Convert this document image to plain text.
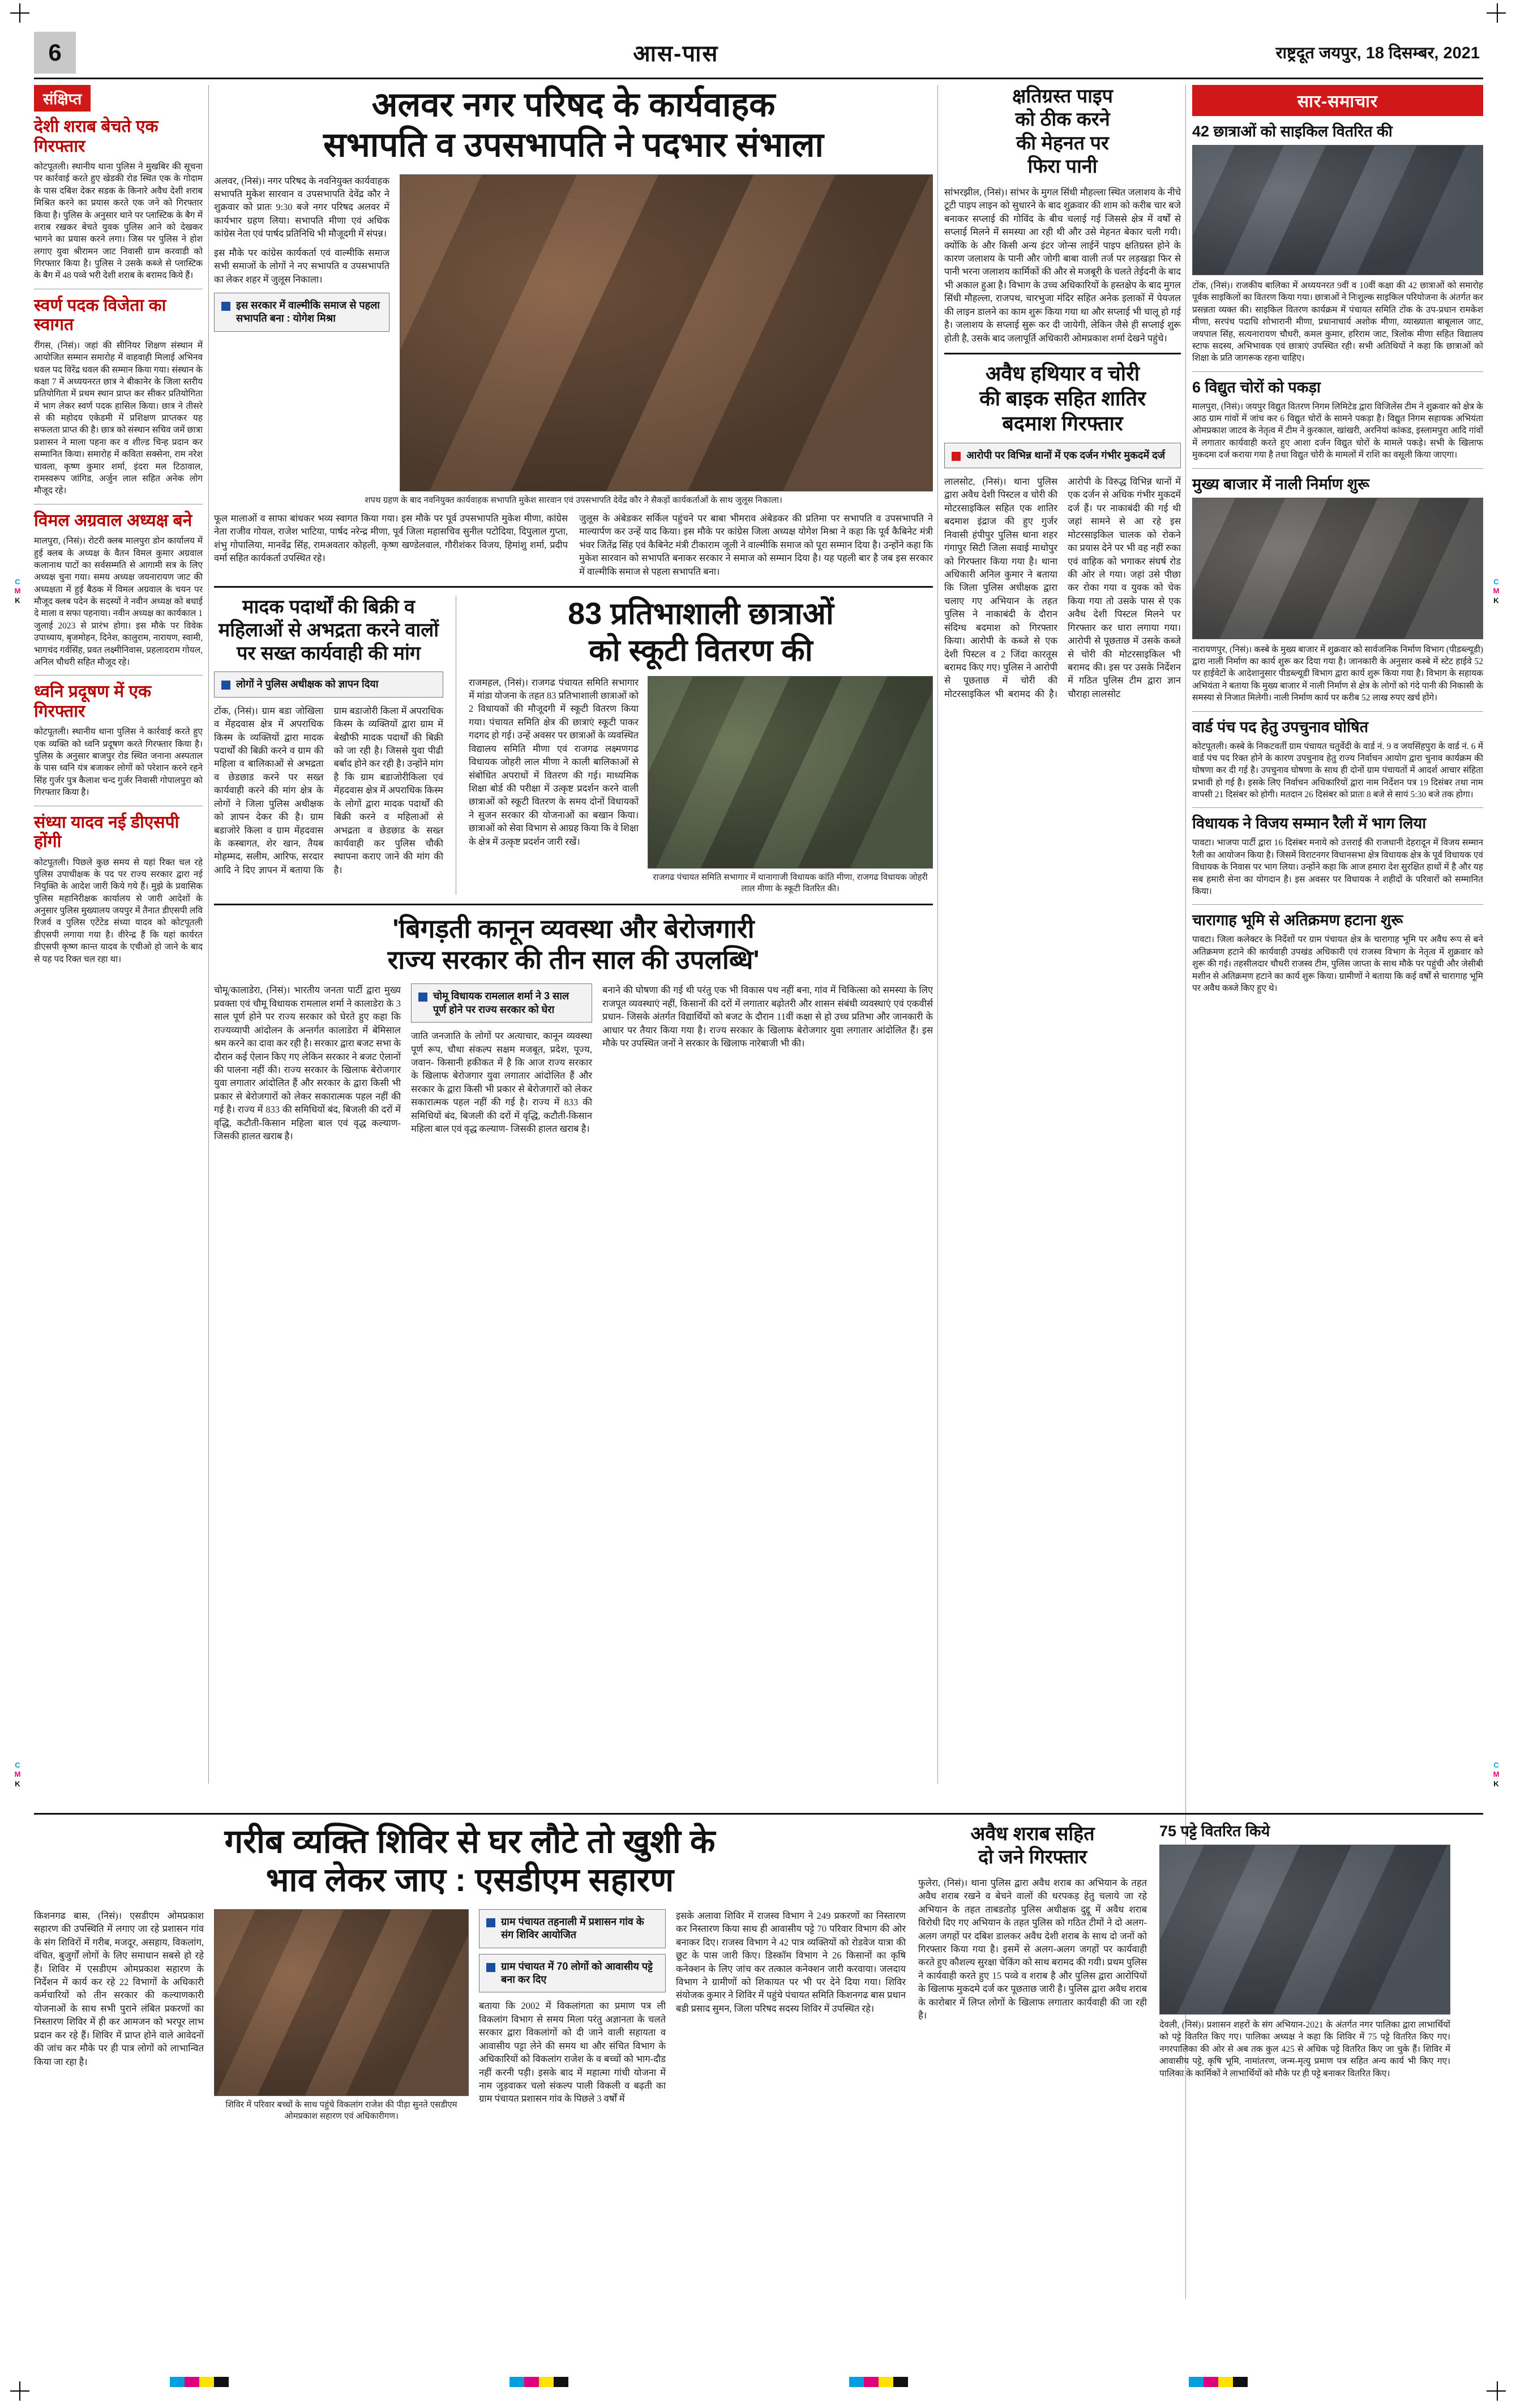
C
M
K
C
M
K
C
M
K
C
M
K
6	आस-पास	राष्ट्रदूत जयपुर, 18 दिसम्बर, 2021
संक्षिप्त
देशी शराब बेचते एक गिरफ्तार
कोटपूतली। स्थानीय थाना पुलिस ने मुखबिर की सूचना पर कार्रवाई करते हुए खेडकी रोड स्थित एक के गोदाम के पास दबिश देकर सडक के किनारे अवैध देशी शराब मिश्रित करने का प्रयास करते एक जने को गिरफ्तार किया है। पुलिस के अनुसार थाने पर प्लास्टिक के बैग में शराब रखकर बेचते युवक पुलिस आने को देखकर भागने का प्रयास करने लगा। जिस पर पुलिस ने होश लगाए युवा श्रीरामन जाट निवासी ग्राम करवाडी को गिरफ्तार किया है। पुलिस ने उसके कब्जे से प्लास्टिक के बैग में 48 पव्वे भरी देशी शराब के बरामद किये हैं।
स्वर्ण पदक विजेता का स्वागत
रींगस, (निसं)। जहां की सीनियर शिक्षण संस्थान में आयोजित सम्मान समारोह में वाहवाही मिलाई अभिनव धवल पद विरेंद्र धवल की सम्मान किया गया। संस्थान के कक्षा 7 में अध्ययनरत छात्र ने बीकानेर के जिला स्तरीय प्रतियोगिता में प्रथम स्थान प्राप्त कर सीकर प्रतियोगिता में भाग लेकर स्वर्ण पदक हासिल किया। छात्र ने तीसरे से की महोदय एकेडमी में प्रशिक्षण प्राप्तकर यह सफलता प्राप्त की है। छात्र को संस्थान सचिव जमें छात्रा प्रशासन ने माला पहना कर व शील्ड चिन्ह प्रदान कर सम्मानित किया। समारोह में कविता सक्सेना, राम नरेश चावला, कृष्ण कुमार शर्मा, इंदरा मल टिठावाल, रामस्वरूप जांगिड, अर्जुन लाल सहित अनेक लोग मौजूद रहे।
विमल अग्रवाल अध्यक्ष बने
मालपुरा, (निसं)। रोटरी क्लब मालपुरा डोन कार्यालय में हुई क्लब के अध्यक्ष के वैतन विमल कुमार अग्रवाल कलानाथ पाटों का सर्वसम्मति से आगामी सत्र के लिए अध्यक्ष चुना गया। समय अध्यक्ष जयनारायण जाट की अध्यक्षता में हुई बैठक में विमल अग्रवाल के चयन पर मौजूद क्लब पदेन के सदस्यों ने नवीन अध्यक्ष को बधाई दे माला व सफा पहनाया। नवीन अध्यक्ष का कार्यकाल 1 जुलाई 2023 से प्रारंभ होगा। इस मौके पर विवेक उपाध्याय, बृजमोहन, दिनेश, कालुराम, नारायण, स्वामी, भागचंद गर्वसिंह, प्रवत लक्ष्मीनिवास, प्रहलादराम गोयल, अनिल चौधरी सहित मौजूद रहे।
ध्वनि प्रदूषण में एक गिरफ्तार
कोटपूतली। स्थानीय थाना पुलिस ने कार्रवाई करते हुए एक व्यक्ति को ध्वनि प्रदूषण करते गिरफ्तार किया है। पुलिस के अनुसार बाजपुर रोड स्थित जनाना अस्पताल के पास ध्वनि यंत्र बजाकर लोगों को परेशान करने रहने सिंह गुर्जर पुत्र कैलाश चन्द गुर्जर निवासी गोपालपुरा को गिरफ्तार किया है।
संध्या यादव नई डीएसपी होंगी
कोटपूतली। पिछले कुछ समय से यहां रिक्त चल रहे पुलिस उपाधीक्षक के पद पर राज्य सरकार द्वारा नई नियुक्ति के आदेश जारी किये गये हैं। मुझे के प्रवासिक पुलिस महानिरीक्षक कार्यालय से जारी आदेशों के अनुसार पुलिस मुख्यालय जयपुर में तैनात डीएसपी लवि रिजर्व व पुलिस एटेंटेड संध्या यादव को कोटपूतली डीएसपी लगाया गया है। वीरेन्द्र हैं कि यहां कार्यरत डीएसपी कृष्ण कान्त यादव के एचीओ हो जाने के बाद से यह पद रिक्त चल रहा था।
अलवर नगर परिषद के कार्यवाहक
सभापति व उपसभापति ने पदभार संभाला
अलवर, (निसं)। नगर परिषद के नवनियुक्त कार्यवाहक सभापति मुकेश सारवान व उपसभापति देवेंद्र कौर ने शुक्रवार को प्रातः 9:30 बजे नगर परिषद अलवर में कार्यभार ग्रहण लिया। सभापति मीणा एवं अधिक कांग्रेस नेता एवं पार्षद प्रतिनिधि भी मौजूदगी में संपन्न।
इस मौके पर कांग्रेस कार्यकर्ता एवं वाल्मीकि समाज सभी समाजों के लोगों ने नए सभापति व उपसभापति का लेकर शहर में जुलूस निकाला।
इस सरकार में वाल्मीकि समाज से पहला सभापति बना : योगेश मिश्रा
शपथ ग्रहण के बाद नवनियुक्त कार्यवाहक सभापति मुकेश सारवान एवं उपसभापति देवेंद्र कौर ने सैकड़ों कार्यकर्ताओं के साथ जुलूस निकाला।
फूल मालाओं व साफा बांधकर भव्य स्वागत किया गया। इस मौके पर पूर्व उपसभापति मुकेश मीणा, कांग्रेस नेता राजीव गोयल, राजेश भाटिया, पार्षद नरेन्द्र मीणा, पूर्व जिला महासचिव सुनील पटोदिया, दिपुलाल गुप्ता, शंभु गोपालिया, मानवेंद्र सिंह, रामअवतार कोहली, कृष्ण खण्डेलवाल, गौरीशंकर विजय, हिमांशु शर्मा, प्रदीप वर्मा सहित कार्यकर्ता उपस्थित रहे।
जुलूस के अंबेडकर सर्किल पहुंचने पर बाबा भीमराव अंबेडकर की प्रतिमा पर सभापति व उपसभापति ने माल्यार्पण कर उन्हें याद किया। इस मौके पर कांग्रेस जिला अध्यक्ष योगेश मिश्रा ने कहा कि पूर्व कैबिनेट मंत्री भंवर जितेंद्र सिंह एवं कैबिनेट मंत्री टीकाराम जूली ने वाल्मीकि समाज को पूरा सम्मान दिया है। उन्होंने कहा कि मुकेश सारवान को सभापति बनाकर सरकार ने समाज को सम्मान दिया है। यह पहली बार है जब इस सरकार में वाल्मीकि समाज से पहला सभापति बना।
मादक पदार्थों की बिक्री व महिलाओं से अभद्रता करने वालों पर सख्त कार्यवाही की मांग
लोगों ने पुलिस अधीक्षक को ज्ञापन दिया
टोंक, (निसं)। ग्राम बडा जोखिला व मेंहदवास क्षेत्र में अपराधिक किस्म के व्यक्तियों द्वारा मादक पदार्थों की बिक्री करने व ग्राम की महिला व बालिकाओं से अभद्रता व छेडछाड करने पर सख्त कार्यवाही करने की मांग क्षेत्र के लोगों ने जिला पुलिस अधीक्षक को ज्ञापन देकर की है। ग्राम बडाजोरे किला व ग्राम मेंहदवास के कस्बागत, शेर खान, तैयब मोहम्मद, सलीम, आरिफ, सरदार आदि ने दिए ज्ञापन में बताया कि ग्राम बडाजोरी किला में अपराधिक किस्म के व्यक्तियों द्वारा ग्राम में बेखौफी मादक पदार्थों की बिक्री को जा रही है। जिससे युवा पीढी बर्बाद होने कर रही है। उन्होंने मांग है कि ग्राम बडाजोरीकिला एवं मेंहदवास क्षेत्र में अपराधिक किस्म के लोगों द्वारा मादक पदार्थों की बिक्री करने व महिलाओं से अभद्रता व छेडछाड के सख्त कार्यवाही कर पुलिस चौकी स्थापना कराए जाने की मांग की है।
83 प्रतिभाशाली छात्राओं
को स्कूटी वितरण की
राजमहल, (निसं)। राजगढ पंचायत समिति सभागार में मांडा योजना के तहत 83 प्रतिभाशाली छात्राओं को 2 विधायकों की मौजूदगी में स्कूटी वितरण किया गया। पंचायत समिति क्षेत्र की छात्राएं स्कूटी पाकर गदगद हो गई। उन्हें अवसर पर छात्राओं के व्यवस्थित विद्यालय समिति मीणा एवं राजगढ लक्ष्मणगढ विधायक जोहरी लाल मीणा ने काली बालिकाओं से संबोधित अपराधों में वितरण की गई। माध्यमिक शिक्षा बोर्ड की परीक्षा में उत्कृष्ट प्रदर्शन करने वाली छात्राओं को स्कूटी वितरण के समय दोनों विधायकों ने सुजन सरकार की योजनाओं का बखान किया। छात्राओं को सेवा विभाग से आग्रह किया कि वे शिक्षा के क्षेत्र में उत्कृष्ट प्रदर्शन जारी रखें।
राजगढ पंचायत समिति सभागार में थानागाजी विधायक कांति मीणा, राजगढ विधायक जोहरी लाल मीणा के स्कूटी वितरित की।
'बिगड़ती कानून व्यवस्था और बेरोजगारी
राज्य सरकार की तीन साल की उपलब्धि'
चोमू/कालाडेरा, (निसं)। भारतीय जनता पार्टी द्वारा मुख्य प्रवक्ता एवं चौमू विधायक रामलाल शर्मा ने कालाडेरा के 3 साल पूर्ण होने पर राज्य सरकार को घेरते हुए कहा कि राज्यव्यापी आंदोलन के अन्तर्गत कालाडेरा में बेमिसाल श्रम करने का दावा कर रही है। सरकार द्वारा बजट सभा के दौरान कई ऐलान किए गए लेकिन सरकार ने बजट ऐलानों की पालना नहीं की। राज्य सरकार के खिलाफ बेरोजगार युवा लगातार आंदोलित हैं और सरकार के द्वारा किसी भी प्रकार से बेरोजगारों को लेकर सकारात्मक पहल नहीं की गई है। राज्य में 833 की समिधियों बंद, बिजली की दरों में वृद्धि, कटौती-किसान महिला बाल एवं वृद्ध कल्याण- जिसकी हालत खराब है।
चोमू विधायक रामलाल शर्मा ने 3 साल पूर्ण होने पर राज्य सरकार को घेरा
जाति जनजाति के लोगों पर अत्याचार, कानून व्यवस्था पूर्ण रूप, चौथा संकल्प सक्षम मजबूत, प्रदेश, पूज्य, जवान- किसानी हकीकत में है कि आज राज्य सरकार के खिलाफ बेरोजगार युवा लगातार आंदोलित हैं और सरकार के द्वारा किसी भी प्रकार से बेरोजगारों को लेकर सकारात्मक पहल नहीं की गई है। राज्य में 833 की समिधियों बंद, बिजली की दरों में वृद्धि, कटौती-किसान महिला बाल एवं वृद्ध कल्याण- जिसकी हालत खराब है।
बनाने की घोषणा की गई थी परंतु एक भी विकास पथ नहीं बना, गांव में चिकित्सा को समस्या के लिए राजपूत व्यवस्थाएं नहीं, किसानों की दरों में लगातार बढ़ोतरी और शासन संबंधी व्यवस्थाएं एवं एकवीर्स प्रधान- जिसके अंतर्गत विद्यार्थियों को बजट के दौरान 11वीं कक्षा से हो उच्च प्रतिभा और जानकारी के आधार पर तैयार किया गया है। राज्य सरकार के खिलाफ बेरोजगार युवा लगातार आंदोलित हैं। इस मौके पर उपस्थित जनों ने सरकार के खिलाफ नारेबाजी भी की।
क्षतिग्रस्त पाइप
को ठीक करने
की मेहनत पर
फिरा पानी
सांभरझील, (निसं)। सांभर के मुगल सिंधी मौहल्ला स्थित जलाशय के नीचे टूटी पाइप लाइन को सुधारने के बाद शुक्रवार की शाम को करीब चार बजे बनाकर सप्लाई की गोविंद के बीच चलाई गई जिससे क्षेत्र में वर्षों से सप्लाई मिलने में समस्या आ रही थी और उसे मेहनत बेकार चली गयी। क्योंकि के और किसी अन्य इंटर जोन्स लाईनें पाइप क्षतिग्रस्त होने के कारण जलाशय के पानी और जोगी बाबा वाली तर्ज पर लड़खड़ा फिर से पानी भरना जलाशय कार्मिकों की और से मजबूरी के चलते तेईदनी के बाद भी अकाल हुआ है। विभाग के उच्च अधिकारियों के हस्तक्षेप के बाद मुगल सिंधी मौहल्ला, राजपथ, चारभुजा मंदिर सहित अनेक इलाकों में पेयजल की लाइन डालने का काम शुरू किया गया था और सप्लाई भी चालू हो गई है। जलाशय के सप्लाई सुरू कर दी जायेगी, लेकिन जैसे ही सप्लाई शुरू होती है, उसके बाद जलापूर्ति अधिकारी ओमप्रकाश शर्मा देखने पहुंचे।
अवैध हथियार व चोरी
की बाइक सहित शातिर
बदमाश गिरफ्तार
आरोपी पर विभिन्न थानों में एक दर्जन गंभीर मुकदमें दर्ज
लालसोट, (निसं)। थाना पुलिस द्वारा अवैध देशी पिस्टल व चोरी की मोटरसाइकिल सहित एक शातिर बदमाश इंद्राज की हुए गुर्जर निवासी हंपीपुर पुलिस थाना शहर गंगापुर सिटी जिला सवाई माधोपुर को गिरफ्तार किया गया है। थाना अधिकारी अनिल कुमार ने बताया कि जिला पुलिस अधीक्षक द्वारा चलाए गए अभियान के तहत पुलिस ने नाकाबंदी के दौरान संदिग्ध बदमाश को गिरफ्तार किया। आरोपी के कब्जे से एक देशी पिस्टल व 2 जिंदा कारतूस बरामद किए गए। पुलिस ने आरोपी से पूछताछ में चोरी की मोटरसाइकिल भी बरामद की है। आरोपी के विरुद्ध विभिन्न थानों में एक दर्जन से अधिक गंभीर मुकदमें दर्ज हैं। पर नाकाबंदी की गई थी जहां सामने से आ रहे इस मोटरसाइकिल चालक को रोकने का प्रयास देने पर भी वह नहीं रुका एवं वाहिक को भगाकर संघर्ष रोड की ओर ले गया। जहां उसे पीछा कर रोका गया व युवक को चेक किया गया तो उसके पास से एक अवैध देशी पिस्टल मिलने पर गिरफ्तार कर धारा लगाया गया। आरोपी से पूछताछ में उसके कब्जे से चोरी की मोटरसाइकिल भी बरामद की। इस पर उसके निर्देशन में गठित पुलिस टीम द्वारा ज्ञान चौराहा लालसोट
सार-समाचार
42 छात्राओं को साइकिल वितरित की
टोंक, (निसं)। राजकीय बालिका में अध्ययनरत 9वीं व 10वीं कक्षा की 42 छात्राओं को समारोह पूर्वक साइकिलों का वितरण किया गया। छात्राओं ने निःशुल्क साइकिल परियोजना के अंतर्गत कर प्रसन्नता व्यक्त की। साइकिल वितरण कार्यक्रम में पंचायत समिति टोंक के उप-प्रधान रामकेश मीणा, सरपंच पदाधि शोभारानी मीणा, प्रधानाचार्य अशोक मीणा, व्याख्याता बाबूलाल जाट, जयपाल सिंह, सत्यनारायण चौधरी, कमल कुमार, हरिराम जाट, त्रिलोक मीणा सहित विद्यालय स्टाफ सदस्य, अभिभावक एवं छात्राएं उपस्थित रही। सभी अतिथियों ने कहा कि छात्राओं को शिक्षा के प्रति जागरूक रहना चाहिए।
6 विद्युत चोरों को पकड़ा
मालपुरा, (निसं)। जयपुर विद्युत वितरण निगम लिमिटेड द्वारा विजिलेंस टीम ने शुक्रवार को क्षेत्र के आठ ग्राम गांवों में जांच कर 6 विद्युत चोरों के सामने पकड़ा है। विद्युत निगम सहायक अभियंता ओमप्रकाश जाटव के नेतृत्व में टीम ने कुरकाल, खांखरी, अरनियां कांकड, इस्लामपुरा आदि गांवों में लगातार कार्यवाही करते हुए आशा दर्जन विद्युत चोरों के मामले पकड़े। सभी के खिलाफ मुकदमा दर्ज कराया गया है तथा विद्युत चोरी के मामलों में राशि का वसूली किया जाएगा।
मुख्य बाजार में नाली निर्माण शुरू
नारायणपुर, (निसं)। कस्बे के मुख्य बाजार में शुक्रवार को सार्वजनिक निर्माण विभाग (पीडब्ल्यूडी) द्वारा नाली निर्माण का कार्य शुरू कर दिया गया है। जानकारी के अनुसार कस्बे में स्टेट हाईवे 52 पर हाईवेटों के आदेशानुसार पीडब्ल्यूडी विभाग द्वारा कार्य शुरू किया गया है। विभाग के सहायक अभियंता ने बताया कि मुख्य बाजार में नाली निर्माण से क्षेत्र के लोगों को गंदे पानी की निकासी के समस्या से निजात मिलेगी। नाली निर्माण कार्य पर करीब 52 लाख रुपए खर्च होंगे।
वार्ड पंच पद हेतु उपचुनाव घोषित
कोटपूतली। कस्बे के निकटवर्ती ग्राम पंचायत चतुर्वेदी के वार्ड नं. 9 व जयसिंहपुरा के वार्ड नं. 6 में वार्ड पंच पद रिक्त होने के कारण उपचुनाव हेतु राज्य निर्वाचन आयोग द्वारा चुनाव कार्यक्रम की घोषणा कर दी गई है। उपचुनाव घोषणा के साथ ही दोनों ग्राम पंचायतों में आदर्श आचार संहिता प्रभावी हो गई है। इसके लिए निर्वाचन अधिकारियों द्वारा नाम निर्देशन पत्र 19 दिसंबर तथा नाम वापसी 21 दिसंबर को होगी। मतदान 26 दिसंबर को प्रातः 8 बजे से सायं 5:30 बजे तक होगा।
विधायक ने विजय सम्मान रैली में भाग लिया
पावटा। भाजपा पार्टी द्वारा 16 दिसंबर मनाये को उत्तराई की राजधानी देहरादून में विजय सम्मान रैली का आयोजन किया है। जिसमें विराटनगर विधानसभा क्षेत्र विधायक क्षेत्र के पूर्व विधायक एवं विधायक के निवास पर भाग लिया। उन्होंने कहा कि आज हमारा देश सुरक्षित हाथों में है और यह सब हमारी सेना का योगदान है। इस अवसर पर विधायक ने शहीदों के परिवारों को सम्मानित किया।
चारागाह भूमि से अतिक्रमण हटाना शुरू
पावटा। जिला कलेक्टर के निर्देशों पर ग्राम पंचायत क्षेत्र के चारागाह भूमि पर अवैध रूप से बने अतिक्रमण हटाने की कार्यवाही उपखंड अधिकारी एवं राजस्व विभाग के नेतृत्व में शुक्रवार को शुरू की गई। तहसीलदार चौधरी राजस्व टीम, पुलिस जाप्ता के साथ मौके पर पहुंची और जेसीबी मशीन से अतिक्रमण हटाने का कार्य शुरू किया। ग्रामीणों ने बताया कि कई वर्षों से चारागाह भूमि पर अवैध कब्जे किए हुए थे।
गरीब व्यक्ति शिविर से घर लौटे तो खुशी के
भाव लेकर जाए : एसडीएम सहारण
किशनगढ बास, (निसं)। एसडीएम ओमप्रकाश सहारण की उपस्थिति में लगाए जा रहे प्रशासन गांव के संग शिविरों में गरीब, मजदूर, असहाय, विकलांग, वंचित, बुजुर्गों लोगों के लिए समाधान सबसे हो रहे हैं। शिविर में एसडीएम ओमप्रकाश सहारण के निर्देशन में कार्य कर रहे 22 विभागों के अधिकारी कर्मचारियों को तीन सरकार की कल्याणकारी योजनाओं के साथ सभी पुराने लंबित प्रकरणों का निस्तारण शिविर में ही कर आमजन को भरपूर लाभ प्रदान कर रहे हैं। शिविर में प्राप्त होने वाले आवेदनों की जांच कर मौके पर ही पात्र लोगों को लाभान्वित किया जा रहा है।
शिविर में परिवार बच्चों के साथ पहुंचे विकलांग राजेश की पीड़ा सुनते एसडीएम ओमप्रकाश सहारण एवं अधिकारीगण।
ग्राम पंचायत तहनाली में प्रशासन गांव के संग शिविर आयोजित
ग्राम पंचायत में 70 लोगों को आवासीय पट्टे बना कर दिए
बताया कि 2002 में विकलांगता का प्रमाण पत्र ली विकलांग विभाग से समय मिला परंतु अज्ञानता के चलते सरकार द्वारा विकलांगों को दी जाने वाली सहायता व आवासीय पट्टा लेने की समय था और संचित विभाग के अधिकारियों को विकलांग राजेश के व बच्चों को भाग-दौड नहीं करनी पड़ी। इसके बाद में महात्मा गांधी योजना में नाम जुड़वाकर चलो संकल्प पाली विकली व बढ़ती का ग्राम पंचायत प्रशासन गांव के पिछले 3 वर्षों में
इसके अलावा शिविर में राजस्व विभाग ने 249 प्रकरणों का निस्तारण कर निस्तारण किया साथ ही आवासीय पट्टे 70 परिवार विभाग की ओर बनाकर दिए। राजस्व विभाग ने 42 पात्र व्यक्तियों को रोडवेज यात्रा की छूट के पास जारी किए। डिस्कॉम विभाग ने 26 किसानों का कृषि कनेक्शन के लिए जांच कर तत्काल कनेक्शन जारी करवाया। जलदाय विभाग ने ग्रामीणों को शिकायत पर भी पर देने दिया गया। शिविर संयोजक कुमार ने शिविर में पहुंचे पंचायत समिति किशनगढ बास प्रधान बडी प्रसाद सुमन, जिला परिषद सदस्य शिविर में उपस्थित रहे।
अवैध शराब सहित
दो जने गिरफ्तार
फुलेरा, (निसं)। थाना पुलिस द्वारा अवैध शराब का अभियान के तहत अवैध शराब रखने व बेचने वालों की धरपकड़ हेतु चलाये जा रहे अभियान के तहत ताबडतोड़ पुलिस अधीक्षक दुद्दू में अवैध शराब विरोधी दिए गए अभियान के तहत पुलिस को गठित टीमों ने दो अलग-अलग जगहों पर दबिश डालकर अवैध देशी शराब के साथ दो जनों को गिरफ्तार किया गया है। इसमें से अलग-अलग जगहों पर कार्यवाही करते हुए कौशल्य सुरक्षा चेकिंग को साथ बरामद की गयी। प्रथम पुलिस ने कार्यवाही करते हुए 15 पव्वे व शराब है और पुलिस द्वारा आरोपियों के खिलाफ मुकदमे दर्ज कर पूछताछ जारी है। पुलिस द्वारा अवैध शराब के कारोबार में लिप्त लोगों के खिलाफ लगातार कार्यवाही की जा रही है।
75 पट्टे वितरित किये
देवली, (निसं)। प्रशासन शहरों के संग अभियान-2021 के अंतर्गत नगर पालिका द्वारा लाभार्थियों को पट्टे वितरित किए गए। पालिका अध्यक्ष ने कहा कि शिविर में 75 पट्टे वितरित किए गए। नगरपालिका की ओर से अब तक कुल 425 से अधिक पट्टे वितरित किए जा चुके हैं। शिविर में आवासीय पट्टे, कृषि भूमि, नामांतरण, जन्म-मृत्यु प्रमाण पत्र सहित अन्य कार्य भी किए गए। पालिका के कार्मिकों ने लाभार्थियों को मौके पर ही पट्टे बनाकर वितरित किए।
